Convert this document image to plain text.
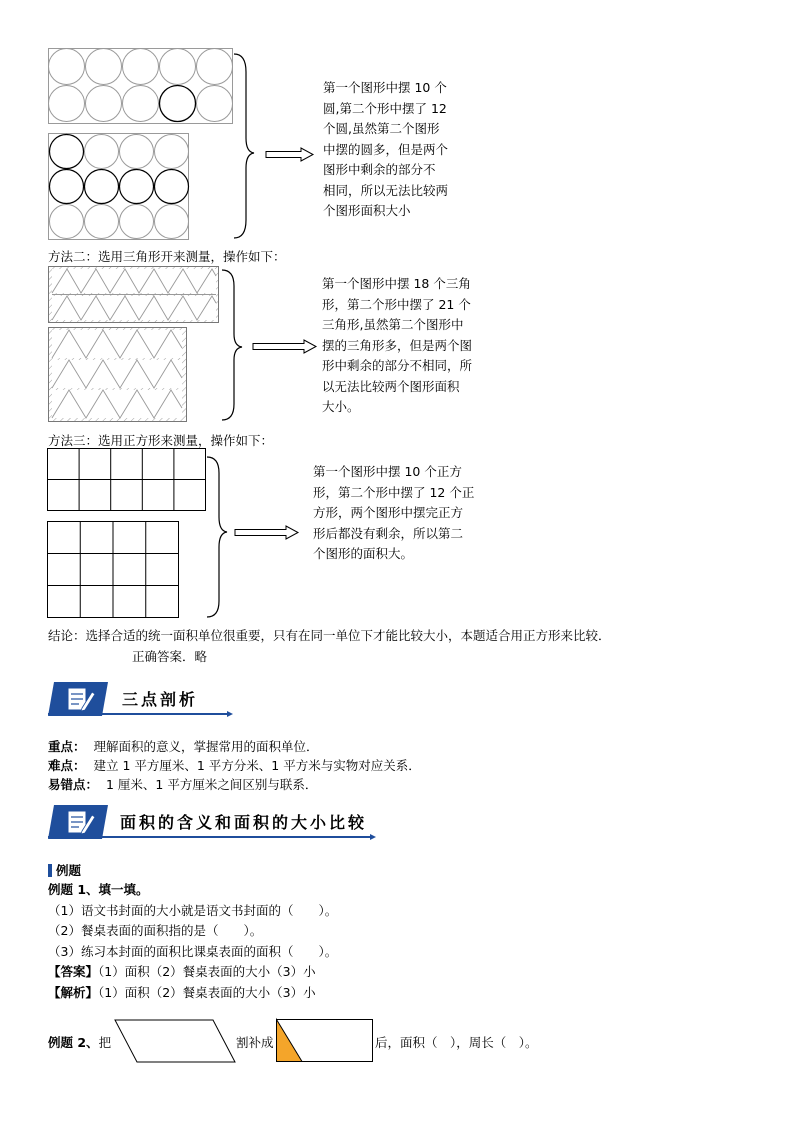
第一个图形中摆 10 个
圆,第二个形中摆了 12
个圆,虽然第二个图形
中摆的圆多，但是两个
图形中剩余的部分不
相同，所以无法比较两
个图形面积大小
方法二：选用三角形开来测量，操作如下：
第一个图形中摆 18 个三角
形，第二个形中摆了 21 个
三角形,虽然第二个图形中
摆的三角形多，但是两个图
形中剩余的部分不相同，所
以无法比较两个图形面积
大小。
方法三：选用正方形来测量，操作如下：
第一个图形中摆 10 个正方
形，第二个形中摆了 12 个正
方形，两个图形中摆完正方
形后都没有剩余，所以第二
个图形的面积大。
结论：选择合适的统一面积单位很重要，只有在同一单位下才能比较大小，本题适合用正方形来比较．
正确答案．略
三点剖析
重点： 理解面积的意义，掌握常用的面积单位．
难点： 建立 1 平方厘米、1 平方分米、1 平方米与实物对应关系．
易错点： 1 厘米、1 平方厘米之间区别与联系．
面积的含义和面积的大小比较
例题
例题 1、填一填。
（1）语文书封面的大小就是语文书封面的（　　）。
（2）餐桌表面的面积指的是（　　）。
（3）练习本封面的面积比课桌表面的面积（　　）。
【答案】（1）面积（2）餐桌表面的大小（3）小
【解析】（1）面积（2）餐桌表面的大小（3）小
例题 2、把	割补成	后，面积（　），周长（　）。
